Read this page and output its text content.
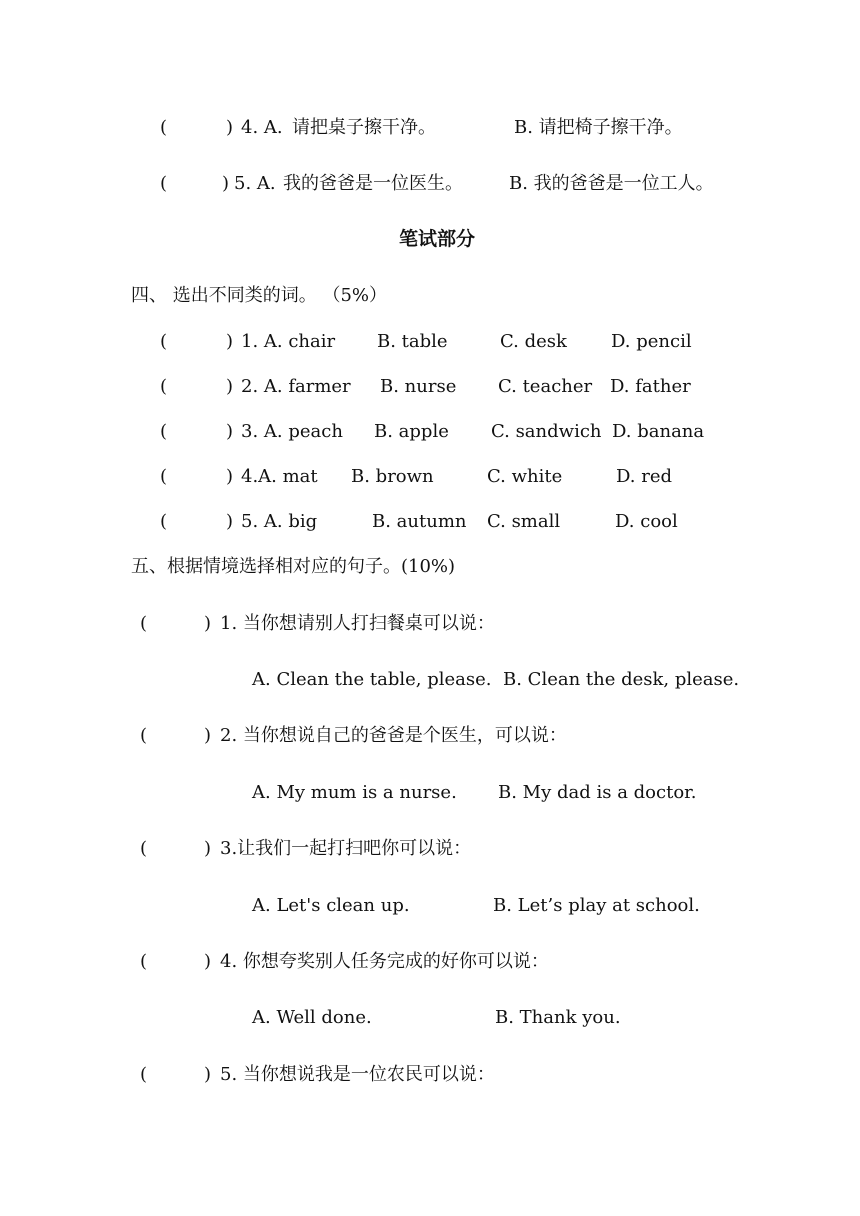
(	) 4. A. 请把桌子擦干净。	B. 请把椅子擦干净。
(	) 5. A. 我的爸爸是一位医生。	B. 我的爸爸是一位工人。
笔试部分
四、 选出不同类的词。 （5%）
(	) 1. A. chair B. table	C. desk D. pencil
(	) 2. A. farmer B. nurse C. teacher D. father
(	) 3. A. peach B. apple C. sandwich D. banana
(	) 4.A. mat B. brown	C. white	D. red
(	) 5. A. big	B. autumn C. small	D. cool
五、根据情境选择相对应的句子。(10%)
(	) 1. 当你想请别人打扫餐桌可以说：
A. Clean the table, please. B. Clean the desk, please.
(	) 2. 当你想说自己的爸爸是个医生，可以说：
A. My mum is a nurse. B. My dad is a doctor.
(	) 3.让我们一起打扫吧你可以说：
A. Let's clean up.	B. Let’s play at school.
(	) 4. 你想夸奖别人任务完成的好你可以说：
A. Well done.	B. Thank you.
(	) 5. 当你想说我是一位农民可以说：
